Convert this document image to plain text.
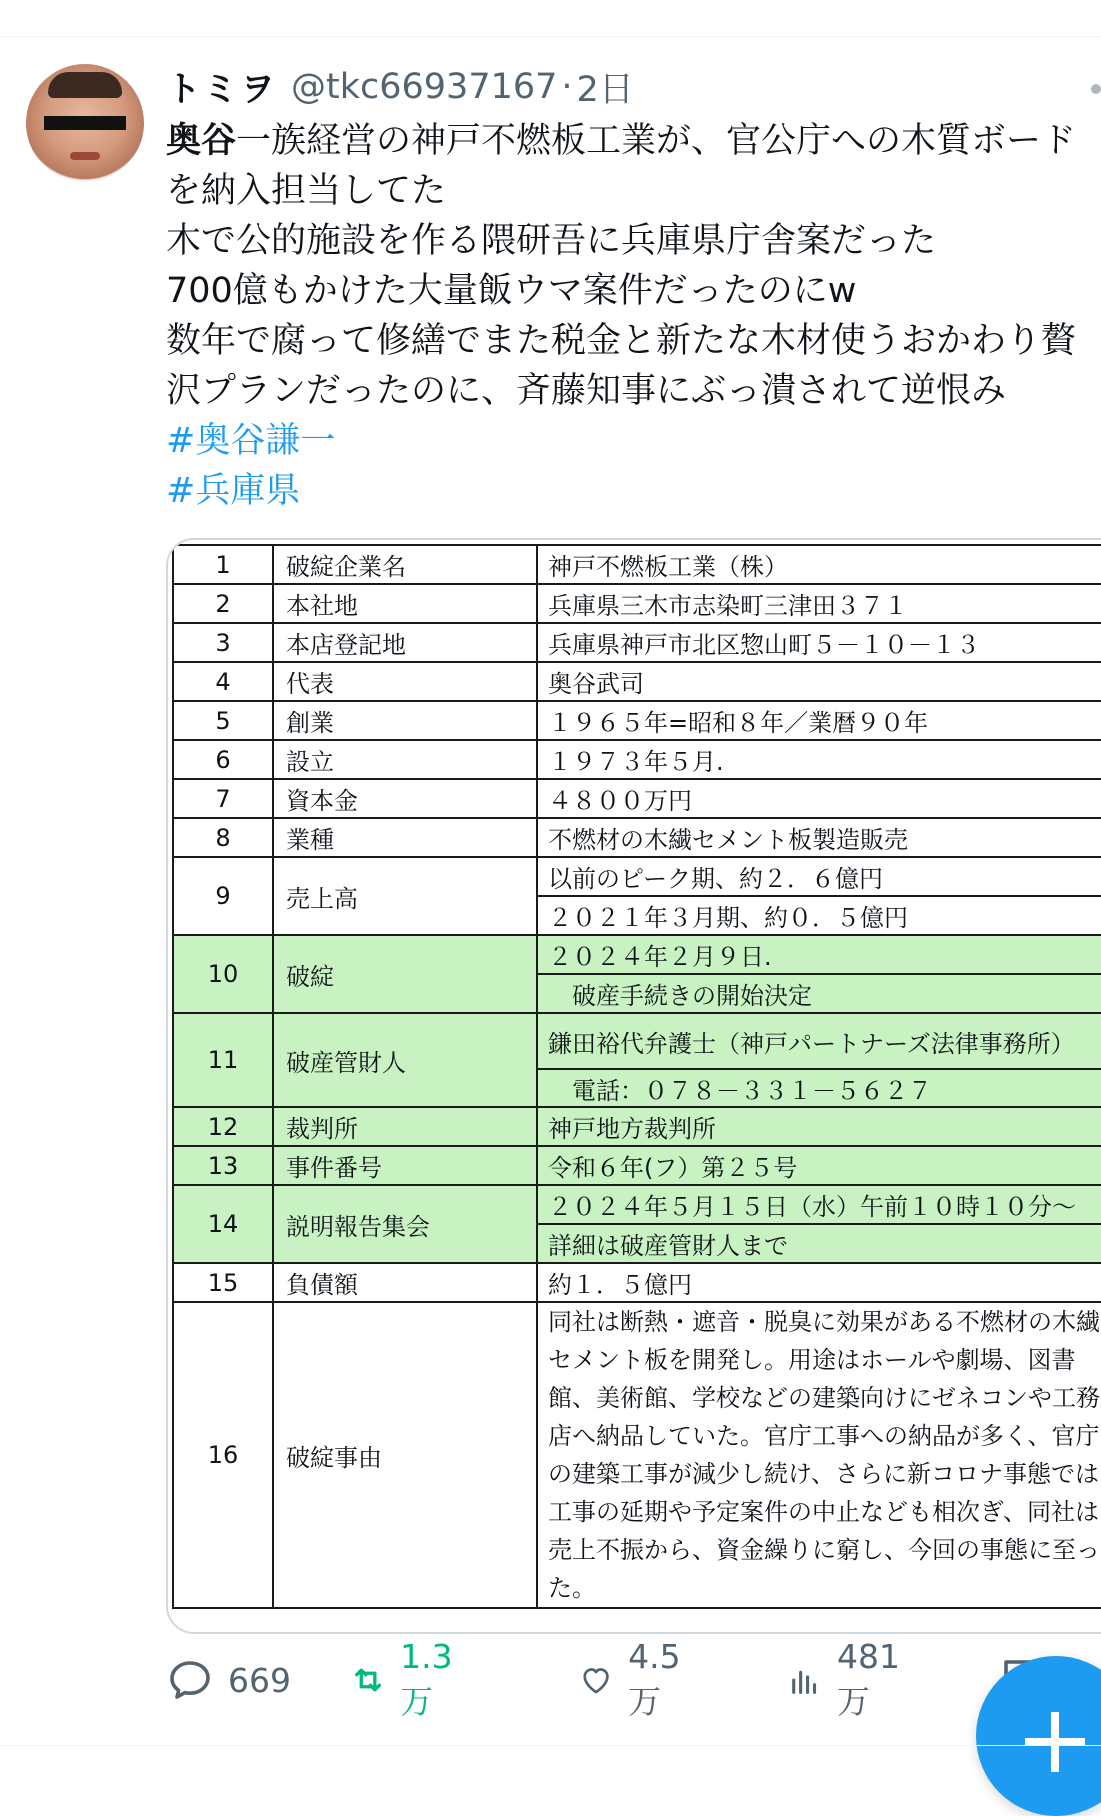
トミヲ @tkc66937167 · 2日
奥谷一族経営の神戸不燃板工業が、官公庁への木質ボード
を納入担当してた
木で公的施設を作る隈研吾に兵庫県庁舎案だった
700億もかけた大量飯ウマ案件だったのにw
数年で腐って修繕でまた税金と新たな木材使うおかわり贅
沢プランだったのに、斉藤知事にぶっ潰されて逆恨み
#奥谷謙一
#兵庫県
1	破綻企業名	神戸不燃板工業（株）
2	本社地	兵庫県三木市志染町三津田３７１
3	本店登記地	兵庫県神戸市北区惣山町５－１０－１３
4	代表	奥谷武司
5	創業	１９６５年=昭和８年／業暦９０年
6	設立	１９７３年５月.
7	資本金	４８００万円
8	業種	不燃材の木繊セメント板製造販売
9	売上高	以前のピーク期、約２．６億円
		２０２１年３月期、約０．５億円
10	破綻	２０２４年２月９日.
		　破産手続きの開始決定
11	破産管財人	鎌田裕代弁護士（神戸パートナーズ法律事務所）
		　電話：０７８－３３１－５６２７
12	裁判所	神戸地方裁判所
13	事件番号	令和６年(フ）第２５号
14	説明報告集会	２０２４年５月１５日（水）午前１０時１０分～
		詳細は破産管財人まで
15	負債額	約１．５億円
16	破綻事由	同社は断熱・遮音・脱臭に効果がある不燃材の木繊セメント板を開発し。用途はホールや劇場、図書館、美術館、学校などの建築向けにゼネコンや工務店へ納品していた。官庁工事への納品が多く、官庁の建築工事が減少し続け、さらに新コロナ事態では工事の延期や予定案件の中止なども相次ぎ、同社は売上不振から、資金繰りに窮し、今回の事態に至った。
669
1.3万
4.5万
481万
